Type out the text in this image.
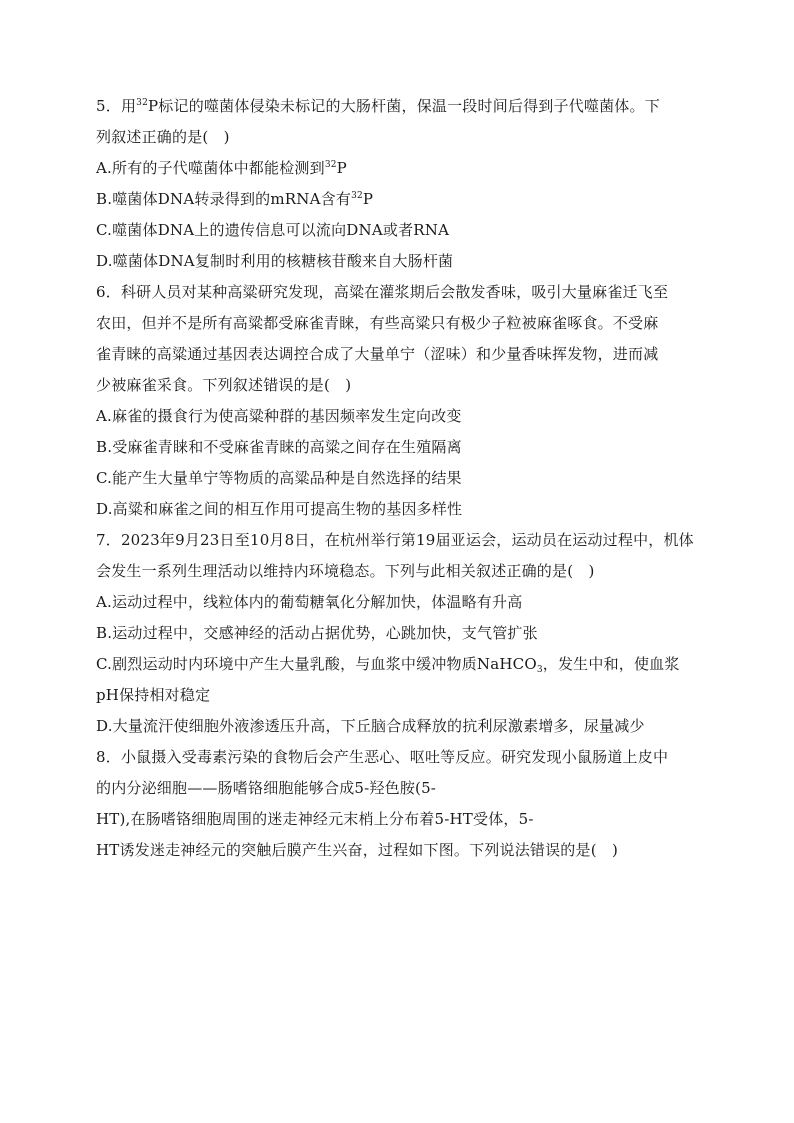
5．用$^{32}$P标记的噬菌体侵染未标记的大肠杆菌，保温一段时间后得到子代噬菌体。下
列叙述正确的是(　)
A.所有的子代噬菌体中都能检测到$^{32}$P
B.噬菌体DNA转录得到的mRNA含有$^{32}$P
C.噬菌体DNA上的遗传信息可以流向DNA或者RNA
D.噬菌体DNA复制时利用的核糖核苷酸来自大肠杆菌
6．科研人员对某种高粱研究发现，高粱在灌浆期后会散发香味，吸引大量麻雀迁飞至
农田，但并不是所有高粱都受麻雀青睐，有些高粱只有极少子粒被麻雀啄食。不受麻
雀青睐的高粱通过基因表达调控合成了大量单宁（涩味）和少量香味挥发物，进而减
少被麻雀采食。下列叙述错误的是(　)
A.麻雀的摄食行为使高粱种群的基因频率发生定向改变
B.受麻雀青睐和不受麻雀青睐的高粱之间存在生殖隔离
C.能产生大量单宁等物质的高粱品种是自然选择的结果
D.高粱和麻雀之间的相互作用可提高生物的基因多样性
7．2023年9月23日至10月8日，在杭州举行第19届亚运会，运动员在运动过程中，机体
会发生一系列生理活动以维持内环境稳态。下列与此相关叙述正确的是(　)
A.运动过程中，线粒体内的葡萄糖氧化分解加快，体温略有升高
B.运动过程中，交感神经的活动占据优势，心跳加快，支气管扩张
C.剧烈运动时内环境中产生大量乳酸，与血浆中缓冲物质NaHCO$_3$，发生中和，使血浆
pH保持相对稳定
D.大量流汗使细胞外液渗透压升高，下丘脑合成释放的抗利尿激素增多，尿量减少
8．小鼠摄入受毒素污染的食物后会产生恶心、呕吐等反应。研究发现小鼠肠道上皮中
的内分泌细胞——肠嗜铬细胞能够合成5-羟色胺(5-
HT),在肠嗜铬细胞周围的迷走神经元末梢上分布着5-HT受体，5-
HT诱发迷走神经元的突触后膜产生兴奋，过程如下图。下列说法错误的是(　)
